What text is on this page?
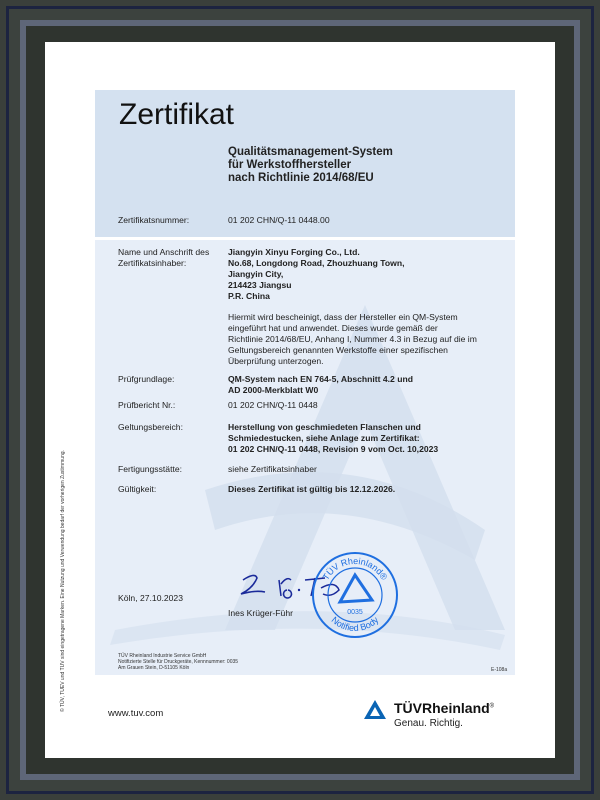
Zertifikat
Qualitätsmanagement-System
für Werkstoffhersteller
nach Richtlinie 2014/68/EU
Zertifikatsnummer:	01 202 CHN/Q-11 0448.00
Name und Anschrift des
Zertifikatsinhaber:
Jiangyin Xinyu Forging Co., Ltd.
No.68, Longdong Road, Zhouzhuang Town,
Jiangyin City,
214423 Jiangsu
P.R. China
Hiermit wird bescheinigt, dass der Hersteller ein QM-System
eingeführt hat und anwendet. Dieses wurde gemäß der
Richtlinie 2014/68/EU, Anhang I, Nummer 4.3 in Bezug auf die im
Geltungsbereich genannten Werkstoffe einer spezifischen
Überprüfung unterzogen.
Prüfgrundlage:	QM-System nach EN 764-5, Abschnitt 4.2 und
AD 2000-Merkblatt W0
Prüfbericht Nr.:	01 202 CHN/Q-11 0448
Geltungsbereich:	Herstellung von geschmiedeten Flanschen und
Schmiedestucken, siehe Anlage zum Zertifikat:
01 202 CHN/Q-11 0448, Revision 9 vom Oct. 10,2023
Fertigungsstätte:	siehe Zertifikatsinhaber
Gültigkeit:	Dieses Zertifikat ist gültig bis 12.12.2026.
Köln, 27.10.2023
Ines Krüger-Führ
TÜV Rheinland®
Notified Body
0035
TÜV Rheinland Industrie Service GmbH
Notifizierte Stelle für Druckgeräte, Kennnummer: 0035
Am Grauen Stein, D-51105 Köln	E-108a
www.tuv.com	TÜVRheinland®
Genau. Richtig.
© TÜV, TUEV und TUV sind eingetragene Marken. Eine Nutzung und Verwendung bedarf der vorherigen Zustimmung.
